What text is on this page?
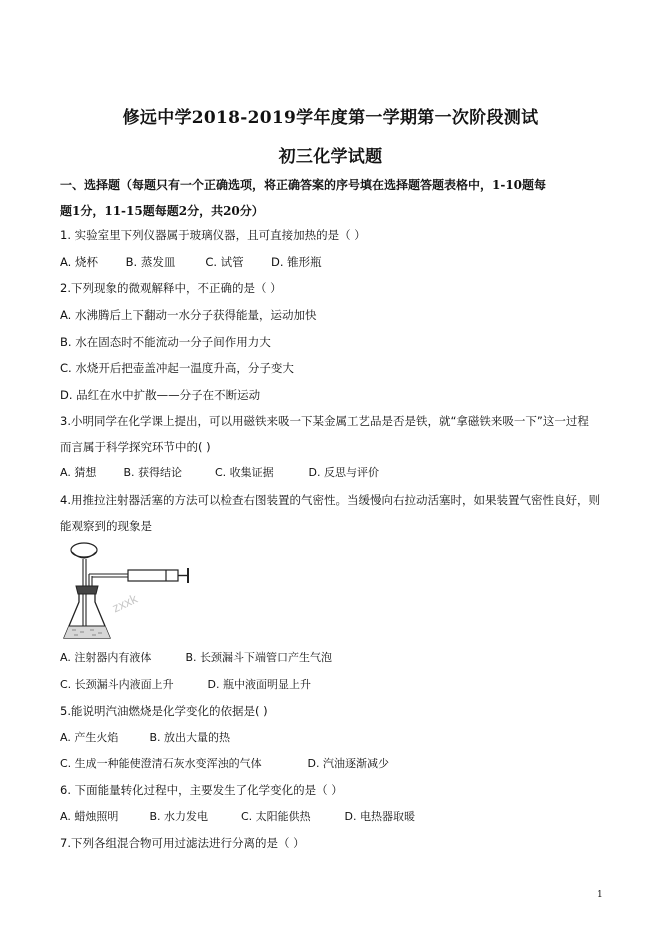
修远中学2018-2019学年度第一学期第一次阶段测试
初三化学试题
一、选择题（每题只有一个正确选项，将正确答案的序号填在选择题答题表格中，1-10题每
题1分，11-15题每题2分，共20分）
1. 实验室里下列仪器属于玻璃仪器，且可直接加热的是（ ）
A. 烧杯 B. 蒸发皿	C. 试管 D. 锥形瓶
2.下列现象的微观解释中，不正确的是（ ）
A. 水沸腾后上下翻动一水分子获得能量，运动加快
B. 水在固态时不能流动一分子间作用力大
C. 水烧开后把壶盖冲起一温度升高，分子变大
D. 品红在水中扩散——分子在不断运动
3.小明同学在化学课上提出，可以用磁铁来吸一下某金属工艺品是否是铁，就“拿磁铁来吸一下”这一过程
而言属于科学探究环节中的( )
A. 猜想 B. 获得结论	C. 收集证据	D. 反思与评价
4.用推拉注射器活塞的方法可以检查右图装置的气密性。当缓慢向右拉动活塞时，如果装置气密性良好，则
能观察到的现象是
zxxk
A. 注射器内有液体	B. 长颈漏斗下端管口产生气泡
C. 长颈漏斗内液面上升	D. 瓶中液面明显上升
5.能说明汽油燃烧是化学变化的依据是( )
A. 产生火焰	B. 放出大量的热
C. 生成一种能使澄清石灰水变浑浊的气体	D. 汽油逐渐减少
6. 下面能量转化过程中，主要发生了化学变化的是（ ）
A. 蜡烛照明	B. 水力发电	C. 太阳能供热	D. 电热器取暖
7.下列各组混合物可用过滤法进行分离的是（ ）
1
